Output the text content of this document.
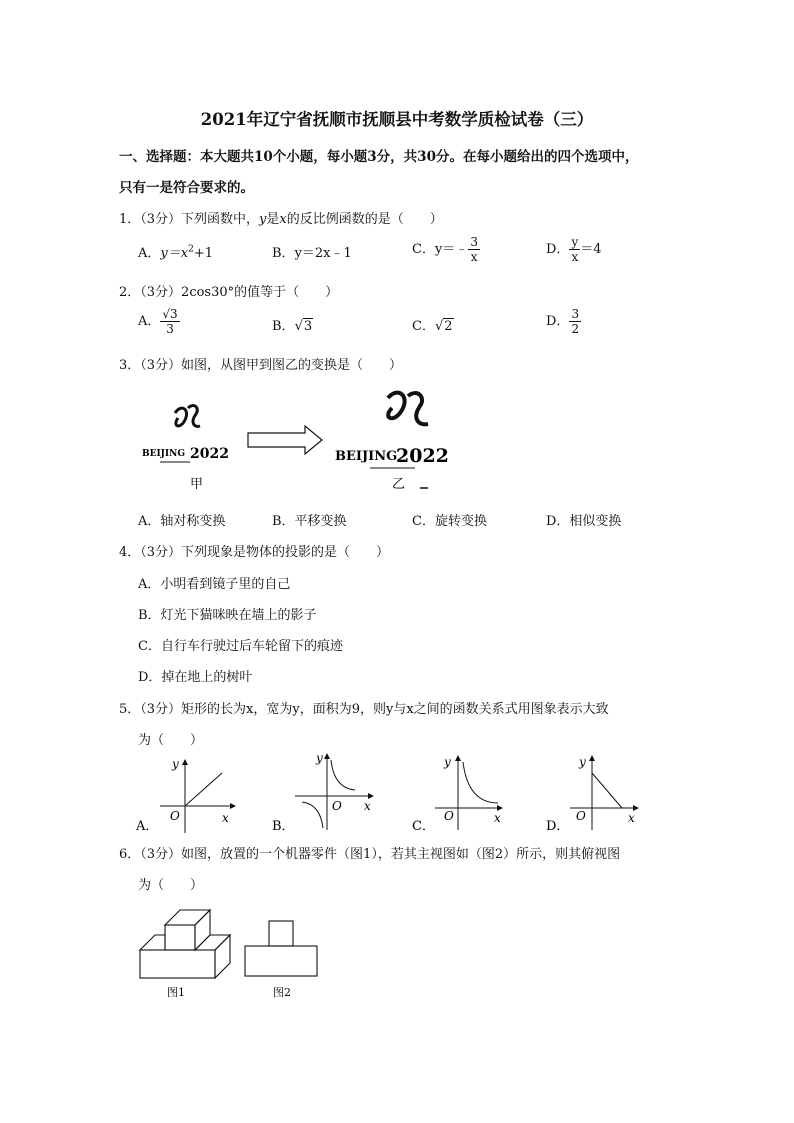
2021年辽宁省抚顺市抚顺县中考数学质检试卷（三）
一、选择题：本大题共10个小题，每小题3分，共30分。在每小题给出的四个选项中，
只有一是符合要求的。
1．（3分）下列函数中，y是x的反比例函数的是（　　）
A．$y=x^2+1$	B．y＝2x﹣1	C．y＝﹣ $\frac{3}{x}$	D． $\frac{y}{x} =4$
2．（3分）2cos30°的值等于（　　）
A． $\frac{√3}{3}$	B．√3	C．√2	D． $\frac{3}{2}$
3．（3分）如图，从图甲到图乙的变换是（　　）
BEIJING 2022	BEIJING
2022
甲	乙
A．轴对称变换	B．平移变换	C．旋转变换	D．相似变换
4．（3分）下列现象是物体的投影的是（　　）
A．小明看到镜子里的自己
B．灯光下猫咪映在墙上的影子
C．自行车行驶过后车轮留下的痕迹
D．掉在地上的树叶
5．（3分）矩形的长为x，宽为y，面积为9，则y与x之间的函数关系式用图象表示大致
为（　　）
y
x
O
A．
y
x
O
B．
y
x
O
C．
y
x
O
D．
6．（3分）如图，放置的一个机器零件（图1），若其主视图如（图2）所示，则其俯视图
为（　　）
图1	图2
